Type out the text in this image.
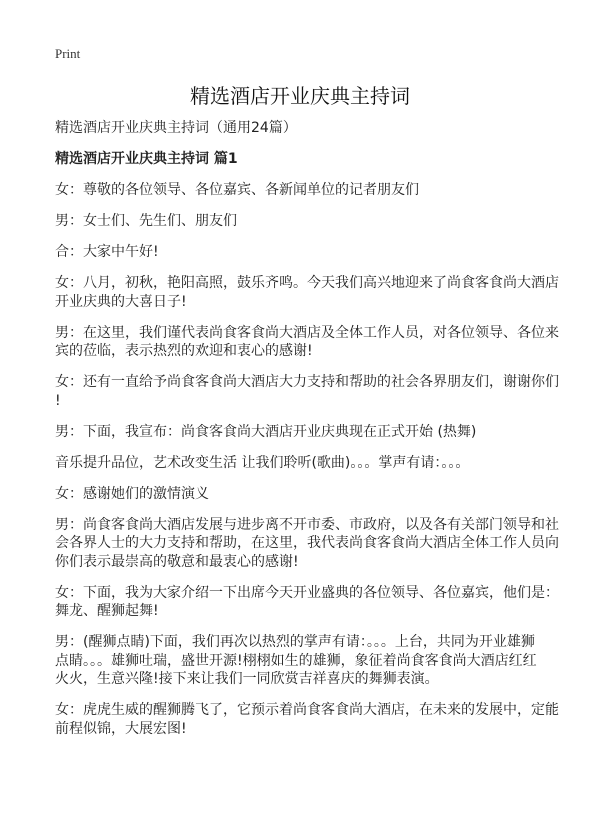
Print
精选酒店开业庆典主持词

精选酒店开业庆典主持词（通用24篇）

精选酒店开业庆典主持词 篇1

女：尊敬的各位领导、各位嘉宾、各新闻单位的记者朋友们

男：女士们、先生们、朋友们

合：大家中午好!

女：八月，初秋，艳阳高照，鼓乐齐鸣。今天我们高兴地迎来了尚食客食尚大酒店
开业庆典的大喜日子!

男：在这里，我们谨代表尚食客食尚大酒店及全体工作人员，对各位领导、各位来
宾的莅临，表示热烈的欢迎和衷心的感谢!

女：还有一直给予尚食客食尚大酒店大力支持和帮助的社会各界朋友们，谢谢你们
!

男：下面，我宣布：尚食客食尚大酒店开业庆典现在正式开始 (热舞)

音乐提升品位，艺术改变生活 让我们聆听(歌曲)。。。掌声有请：。。。

女：感谢她们的激情演义

男：尚食客食尚大酒店发展与进步离不开市委、市政府，以及各有关部门领导和社
会各界人士的大力支持和帮助，在这里，我代表尚食客食尚大酒店全体工作人员向
你们表示最崇高的敬意和最衷心的感谢!

女：下面，我为大家介绍一下出席今天开业盛典的各位领导、各位嘉宾，他们是：
舞龙、醒狮起舞!

男：(醒狮点睛)下面，我们再次以热烈的掌声有请：。。。上台，共同为开业雄狮
点睛。。。雄狮吐瑞，盛世开源!栩栩如生的雄狮，象征着尚食客食尚大酒店红红
火火，生意兴隆!接下来让我们一同欣赏吉祥喜庆的舞狮表演。

女：虎虎生威的醒狮腾飞了，它预示着尚食客食尚大酒店，在未来的发展中，定能
前程似锦，大展宏图!
